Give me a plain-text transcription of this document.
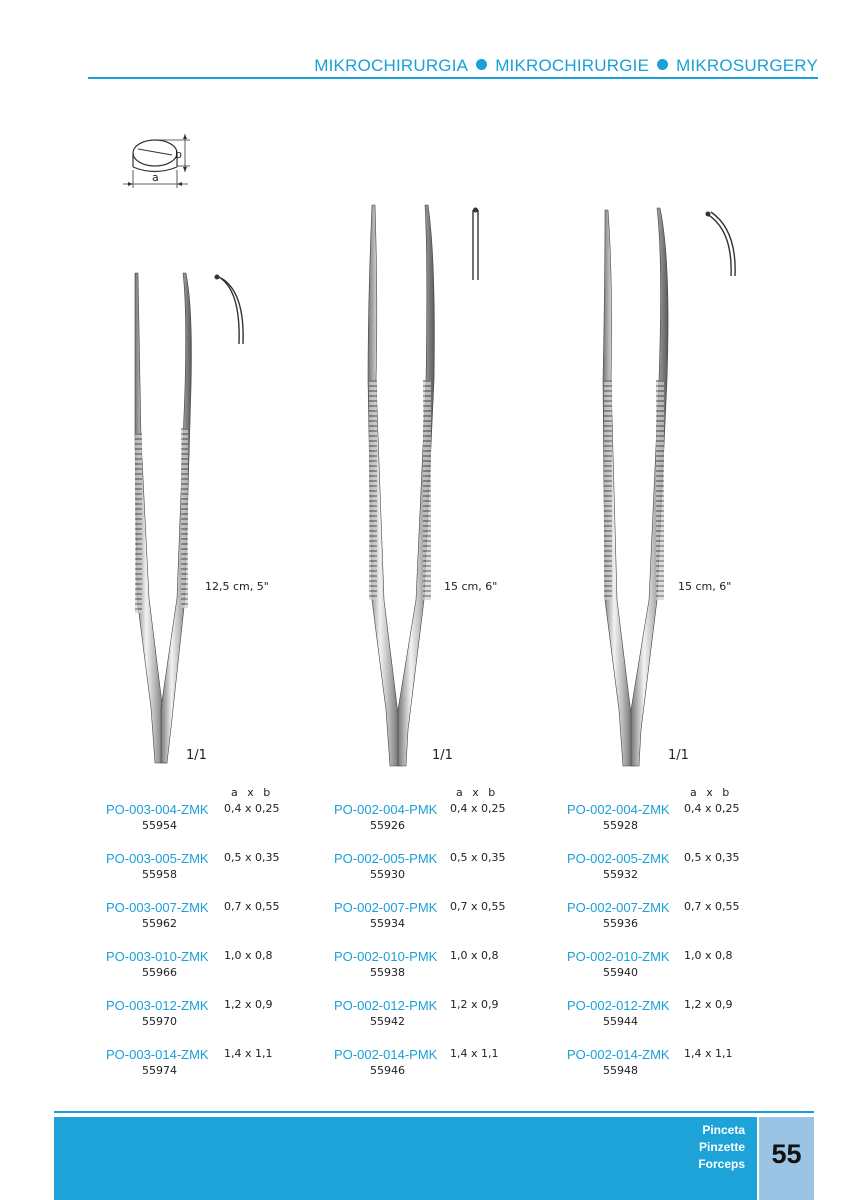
MIKROCHIRURGIA MIKROCHIRURGIE MIKROSURGERY
a
b
12,5 cm, 5"
1/1
15 cm, 6"
1/1
15 cm, 6"
1/1
a x b
PO-003-004-ZMK 0,4 x 0,25
55954
PO-003-005-ZMK 0,5 x 0,35
55958
PO-003-007-ZMK 0,7 x 0,55
55962
PO-003-010-ZMK 1,0 x 0,8
55966
PO-003-012-ZMK 1,2 x 0,9
55970
PO-003-014-ZMK 1,4 x 1,1
55974
a x b
PO-002-004-PMK 0,4 x 0,25
55926
PO-002-005-PMK 0,5 x 0,35
55930
PO-002-007-PMK 0,7 x 0,55
55934
PO-002-010-PMK 1,0 x 0,8
55938
PO-002-012-PMK 1,2 x 0,9
55942
PO-002-014-PMK 1,4 x 1,1
55946
a x b
PO-002-004-ZMK 0,4 x 0,25
55928
PO-002-005-ZMK 0,5 x 0,35
55932
PO-002-007-ZMK 0,7 x 0,55
55936
PO-002-010-ZMK 1,0 x 0,8
55940
PO-002-012-ZMK 1,2 x 0,9
55944
PO-002-014-ZMK 1,4 x 1,1
55948
Pinceta
Pinzette
Forceps 55
